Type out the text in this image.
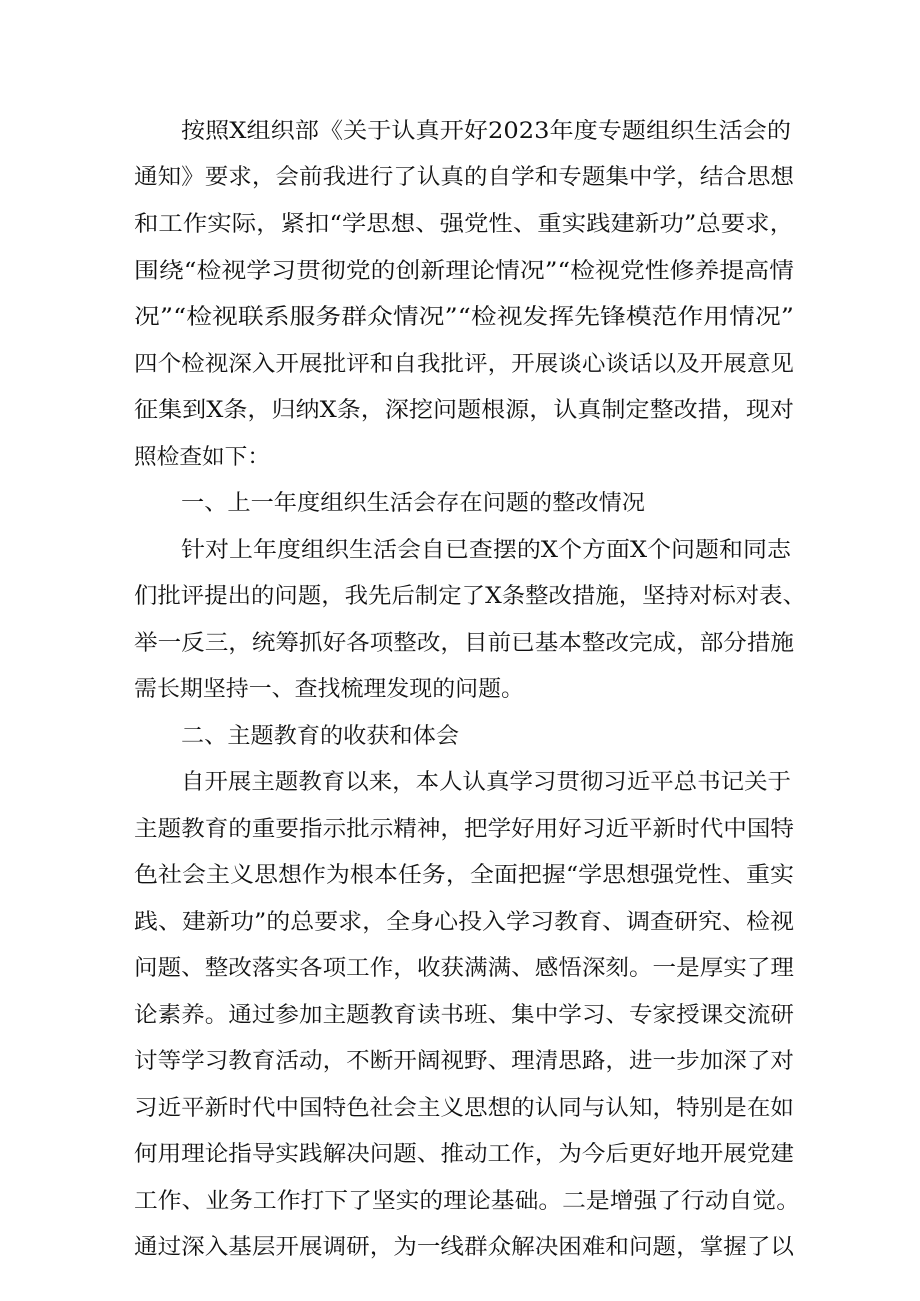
按照X组织部《关于认真开好2023年度专题组织生活会的
通知》要求，会前我进行了认真的自学和专题集中学，结合思想
和工作实际，紧扣“学思想、强党性、重实践建新功”总要求，
围绕“检视学习贯彻党的创新理论情况”“检视党性修养提高情
况”“检视联系服务群众情况”“检视发挥先锋模范作用情况”
四个检视深入开展批评和自我批评，开展谈心谈话以及开展意见
征集到X条，归纳X条，深挖问题根源，认真制定整改措，现对
照检查如下：
一、上一年度组织生活会存在问题的整改情况
针对上年度组织生活会自已查摆的X个方面X个问题和同志
们批评提出的问题，我先后制定了X条整改措施，坚持对标对表、
举一反三，统筹抓好各项整改，目前已基本整改完成，部分措施
需长期坚持一、查找梳理发现的问题。
二、主题教育的收获和体会
自开展主题教育以来，本人认真学习贯彻习近平总书记关于
主题教育的重要指示批示精神，把学好用好习近平新时代中国特
色社会主义思想作为根本任务，全面把握“学思想强党性、重实
践、建新功”的总要求，全身心投入学习教育、调查研究、检视
问题、整改落实各项工作，收获满满、感悟深刻。一是厚实了理
论素养。通过参加主题教育读书班、集中学习、专家授课交流研
讨等学习教育活动，不断开阔视野、理清思路，进一步加深了对
习近平新时代中国特色社会主义思想的认同与认知，特别是在如
何用理论指导实践解决问题、推动工作，为今后更好地开展党建
工作、业务工作打下了坚实的理论基础。二是增强了行动自觉。
通过深入基层开展调研，为一线群众解决困难和问题，掌握了以
